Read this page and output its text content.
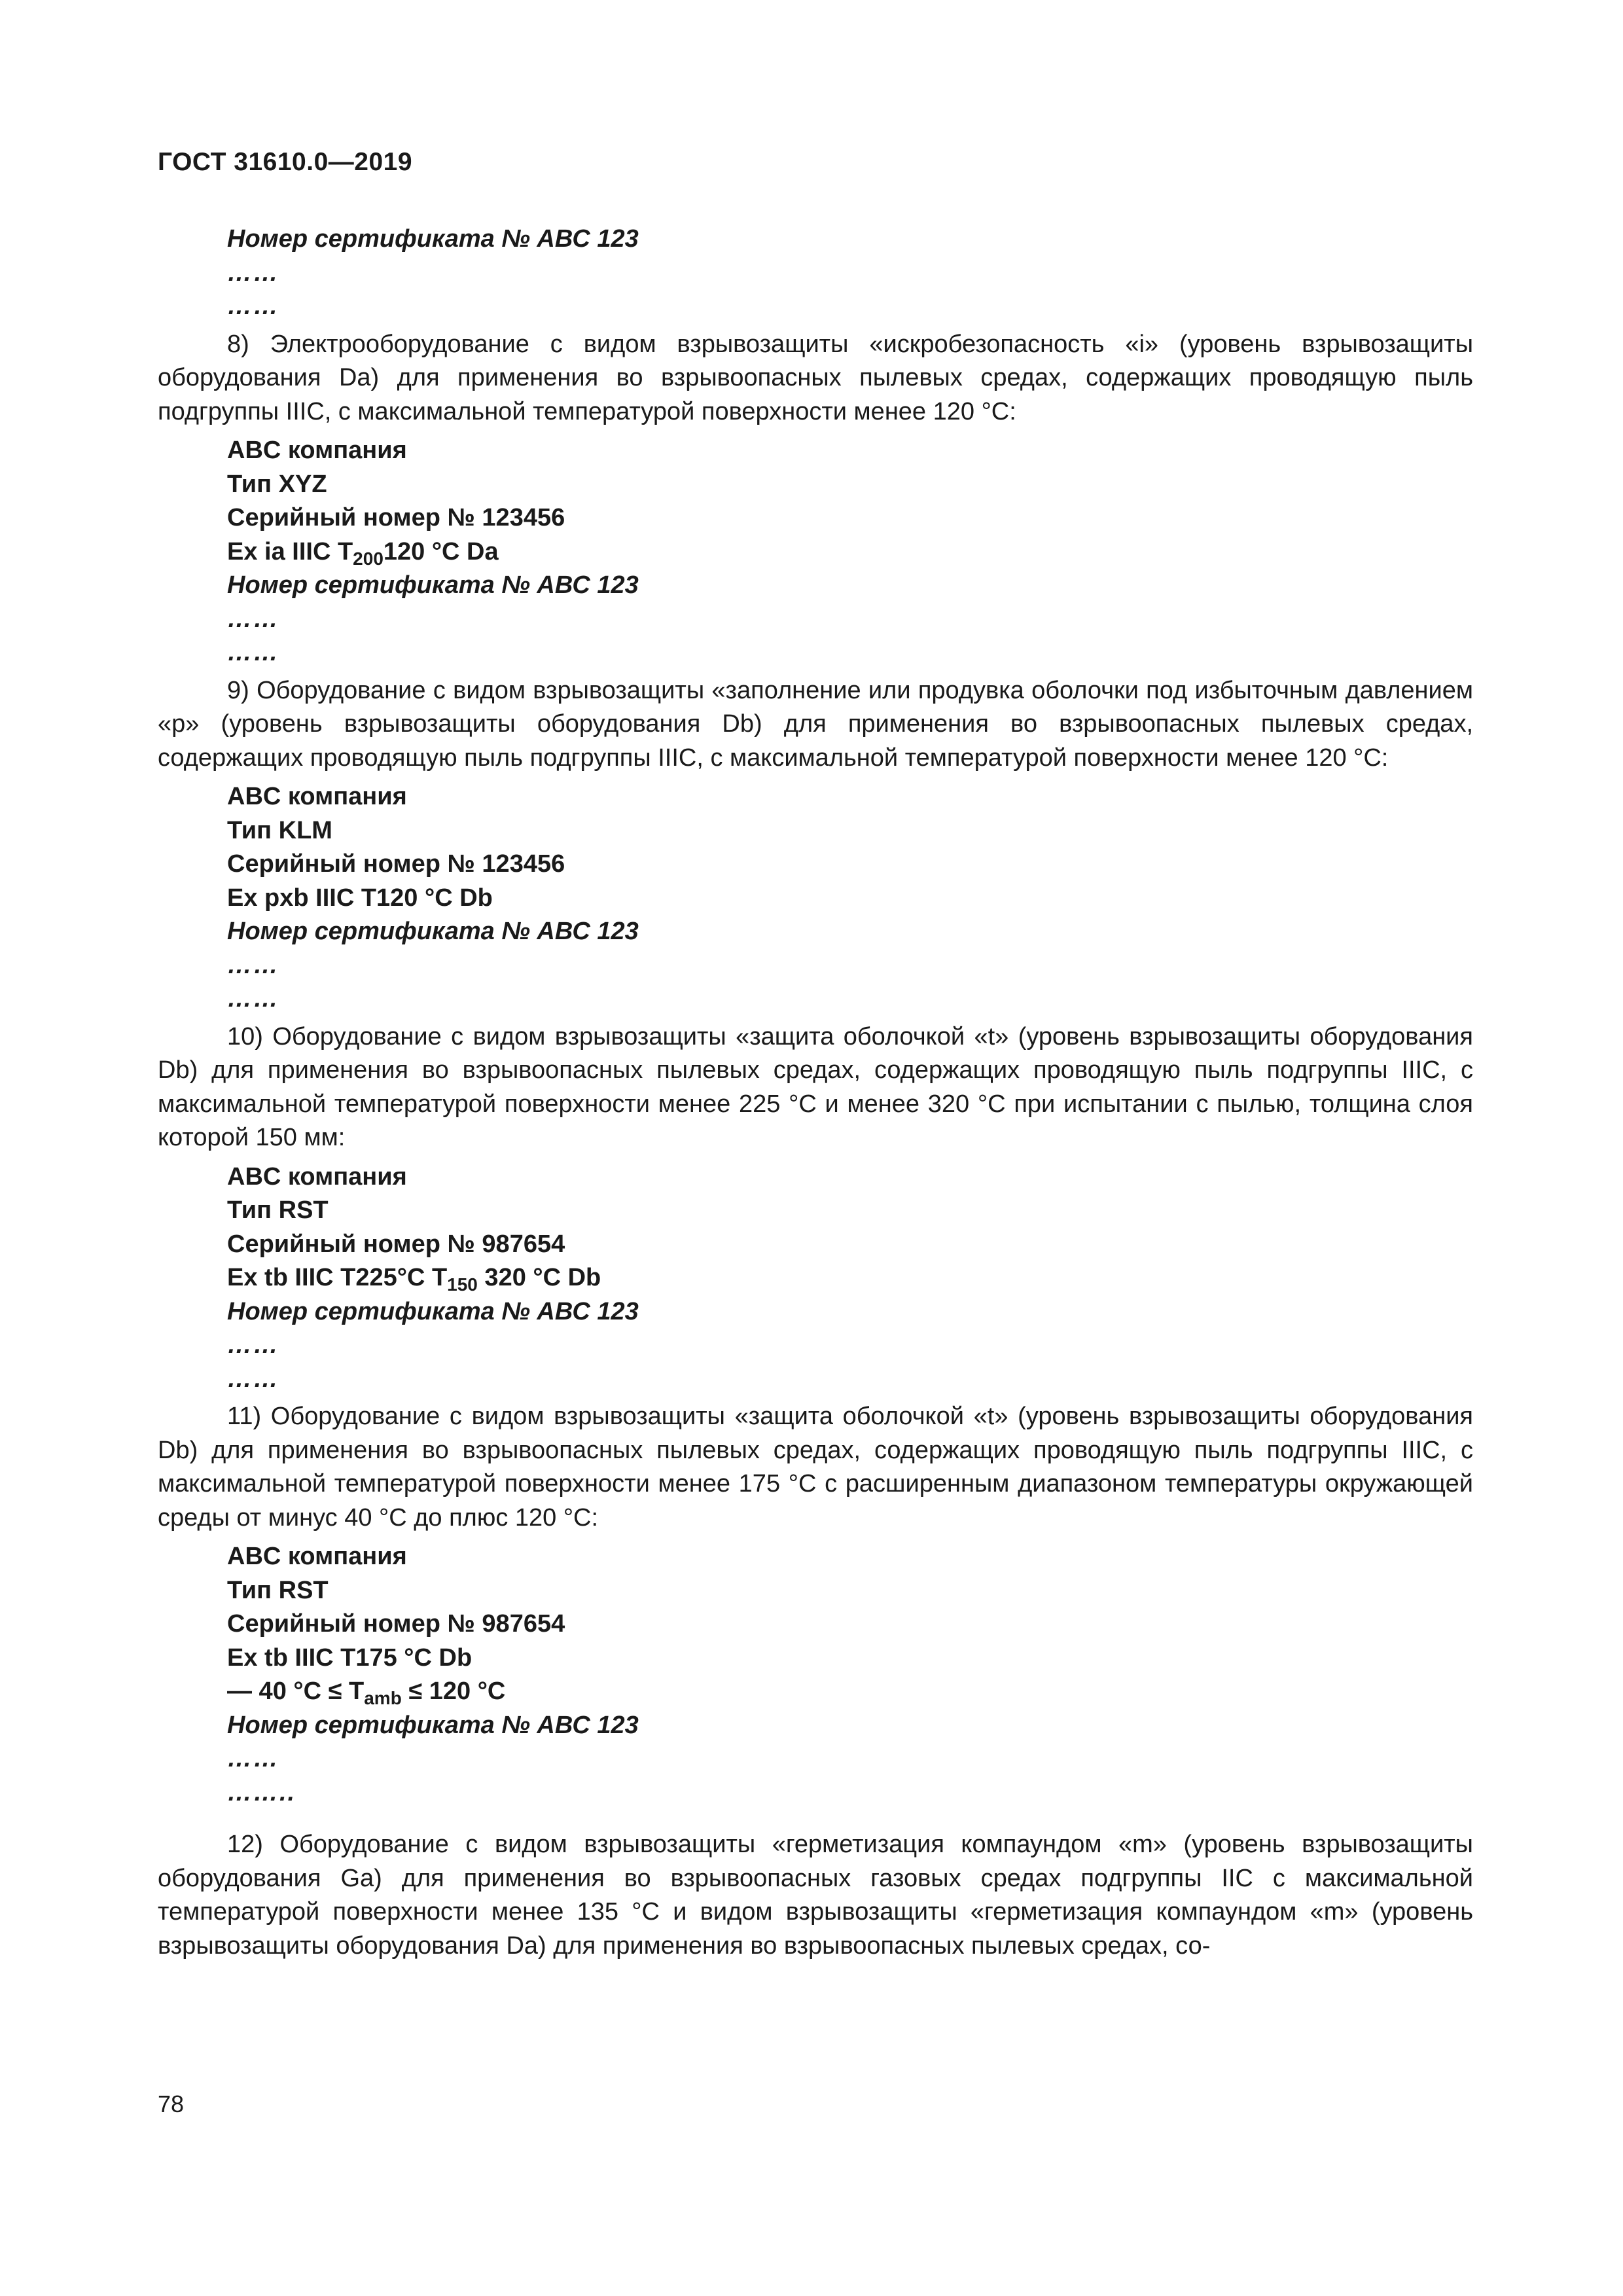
ГОСТ 31610.0—2019
Номер сертификата № АВС 123
……
……
8) Электрооборудование с видом взрывозащиты «искробезопасность «i» (уровень взрывозащиты оборудования Da) для применения во взрывоопасных пылевых средах, содержащих проводящую пыль подгруппы IIIC, с максимальной температурой поверхности менее 120 °C:
ABC компания
Тип XYZ
Серийный номер № 123456
Ex ia IIIC $T_{200}120$ °C Da
Номер сертификата № АВС 123
……
……
9) Оборудование с видом взрывозащиты «заполнение или продувка оболочки под избыточным давлением «р» (уровень взрывозащиты оборудования Db) для применения во взрывоопасных пылевых средах, содержащих проводящую пыль подгруппы IIIC, с максимальной температурой поверхности менее 120 °C:
ABC компания
Тип KLM
Серийный номер № 123456
Ex pxb IIIC T120 °C Db
Номер сертификата № АВС 123
……
……
10) Оборудование с видом взрывозащиты «защита оболочкой «t» (уровень взрывозащиты оборудования Db) для применения во взрывоопасных пылевых средах, содержащих проводящую пыль подгруппы IIIC, с максимальной температурой поверхности менее 225 °C и менее 320 °C при испытании с пылью, толщина слоя которой 150 мм:
ABC компания
Тип RST
Серийный номер № 987654
Ex tb IIIC T225°C $T_{150}$ 320 °C Db
Номер сертификата № АВС 123
……
……
11) Оборудование с видом взрывозащиты «защита оболочкой «t» (уровень взрывозащиты оборудования Db) для применения во взрывоопасных пылевых средах, содержащих проводящую пыль подгруппы IIIC, с максимальной температурой поверхности менее 175 °C с расширенным диапазоном температуры окружающей среды от минус 40 °C до плюс 120 °C:
ABC компания
Тип RST
Серийный номер № 987654
Ex tb IIIC T175 °C Db
— 40 $^\circ C \le T_{amb} \le 120$ °C
Номер сертификата № АВС 123
……
……..
12) Оборудование с видом взрывозащиты «герметизация компаундом «m» (уровень взрывозащиты оборудования Ga) для применения во взрывоопасных газовых средах подгруппы IIC с максимальной температурой поверхности менее 135 °C и видом взрывозащиты «герметизация компаундом «m» (уровень взрывозащиты оборудования Da) для применения во взрывоопасных пылевых средах, со-
78
